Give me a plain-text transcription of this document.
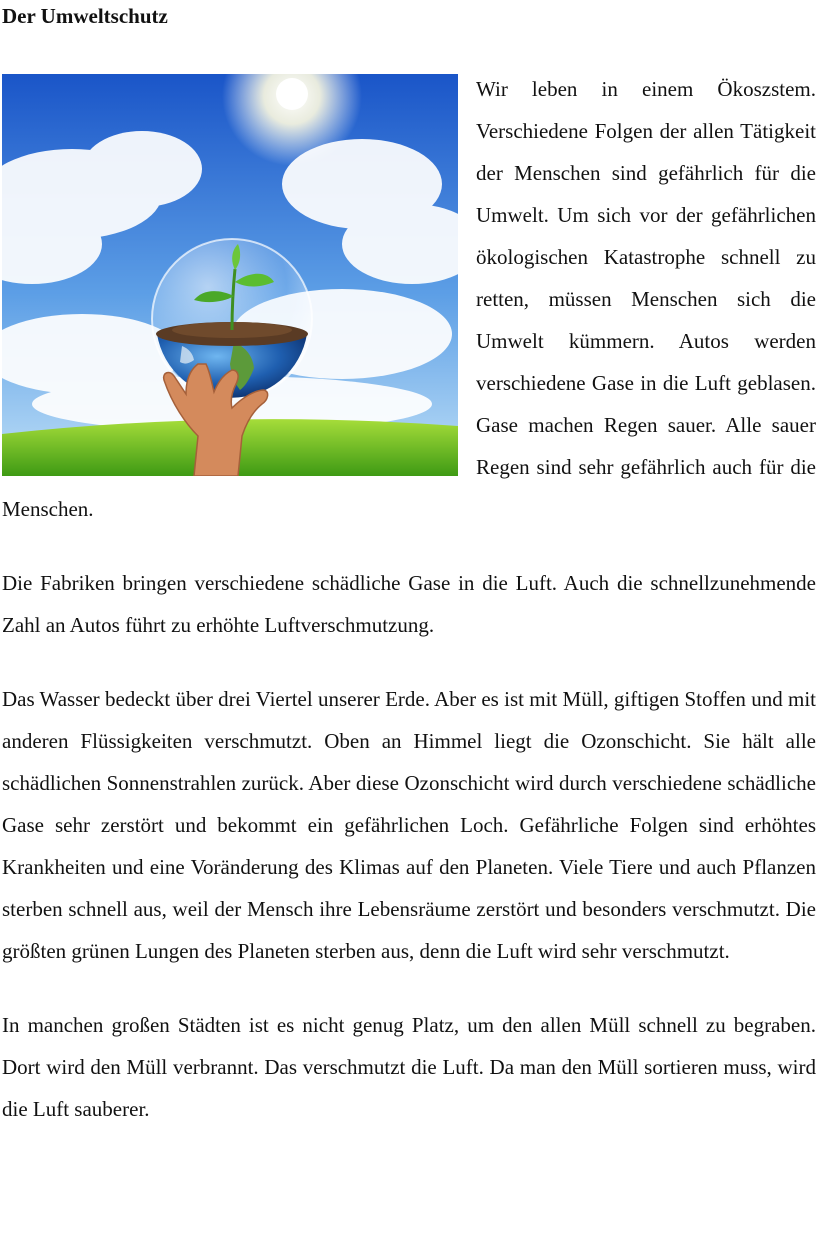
Der Umweltschutz

Wir leben in einem Ökoszstem. Verschiedene Folgen der allen Tätigkeit der Menschen sind gefährlich für die Umwelt. Um sich vor der gefährlichen ökologischen Katastrophe schnell zu retten, müssen Menschen sich die Umwelt kümmern. Autos werden verschiedene Gase in die Luft geblasen. Gase machen Regen sauer. Alle sauer Regen sind sehr gefährlich auch für die Menschen.

Die Fabriken bringen verschiedene schädliche Gase in die Luft. Auch die schnellzunehmende Zahl an Autos führt zu erhöhte Luftverschmutzung.

Das Wasser bedeckt über drei Viertel unserer Erde. Aber es ist mit Müll, giftigen Stoffen und mit anderen Flüssigkeiten verschmutzt. Oben an Himmel liegt die Ozonschicht. Sie hält alle schädlichen Sonnenstrahlen zurück. Aber diese Ozonschicht wird durch verschiedene schädliche Gase sehr zerstört und bekommt ein gefährlichen Loch. Gefährliche Folgen sind erhöhtes Krankheiten und eine Voränderung des Klimas auf den Planeten. Viele Tiere und auch Pflanzen sterben schnell aus, weil der Mensch ihre Lebensräume zerstört und besonders verschmutzt. Die größten grünen Lungen des Planeten sterben aus, denn die Luft wird sehr verschmutzt.

In manchen großen Städten ist es nicht genug Platz, um den allen Müll schnell zu begraben. Dort wird den Müll verbrannt. Das verschmutzt die Luft. Da man den Müll sortieren muss, wird die Luft sauberer.
